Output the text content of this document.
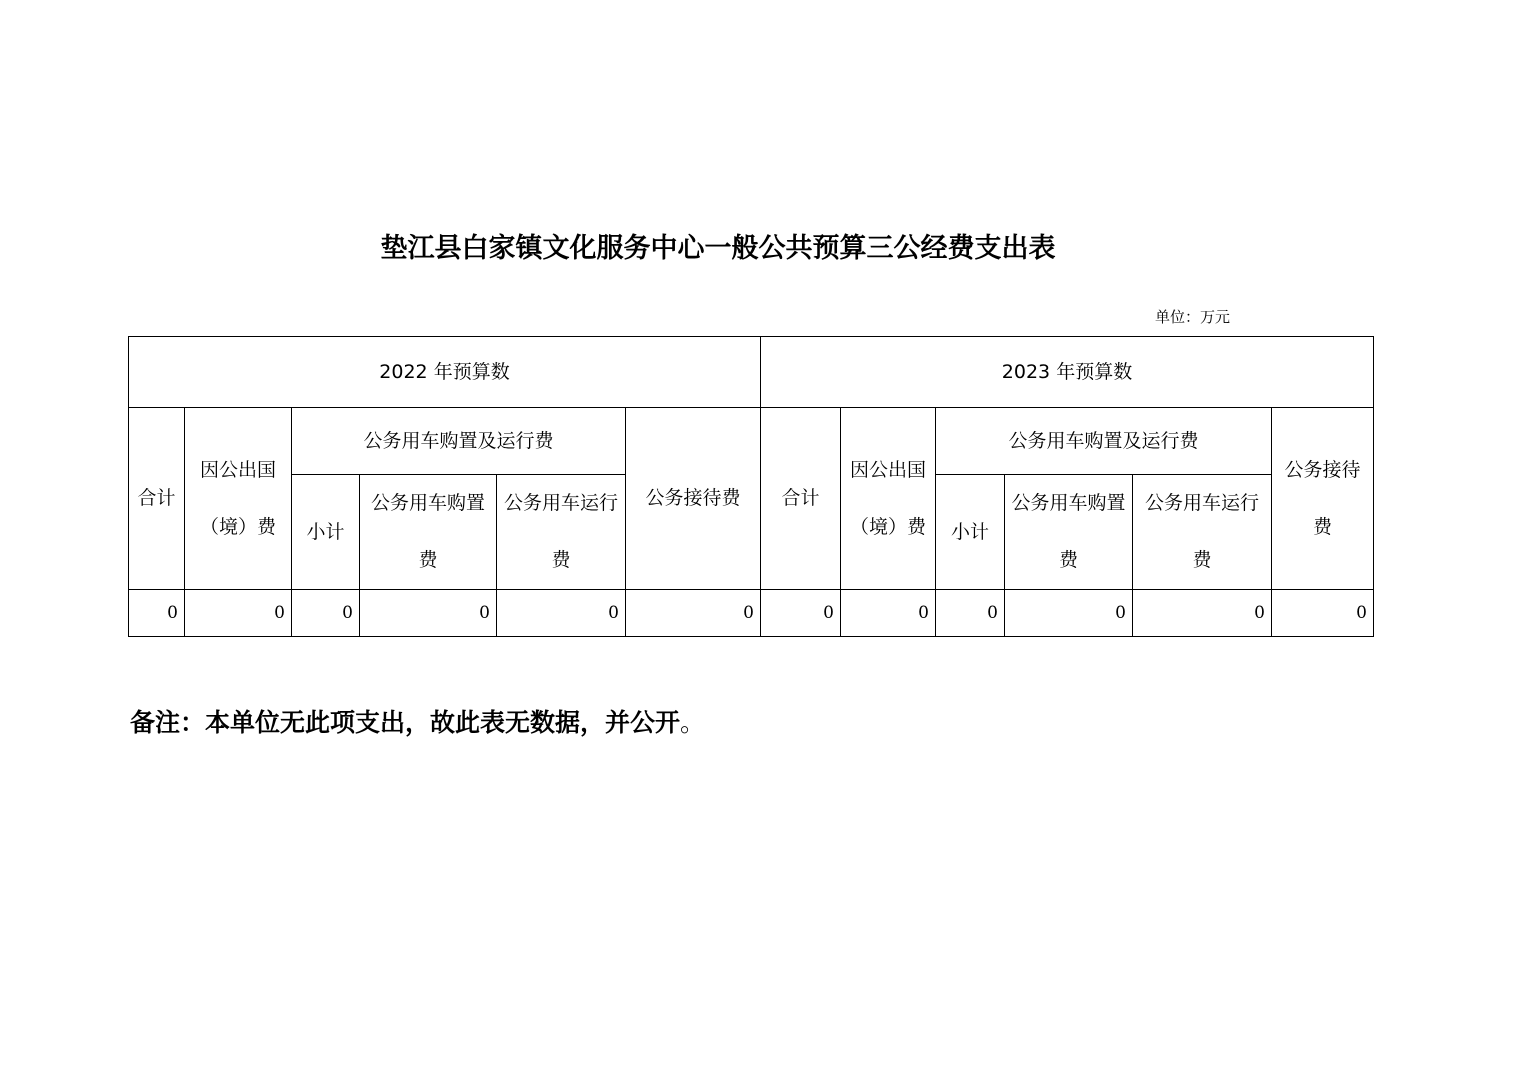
垫江县白家镇文化服务中心一般公共预算三公经费支出表
单位：万元
2022 年预算数						2023 年预算数					
合计	因公出国（境）费	公务用车购置及运行费			公务接待费	合计	因公出国（境）费	公务用车购置及运行费			公务接待费
		小计	公务用车购置费	公务用车运行费				小计	公务用车购置费	公务用车运行费	
0	0	0	0	0	0	0	0	0	0	0	0
备注：本单位无此项支出，故此表无数据，并公开。
